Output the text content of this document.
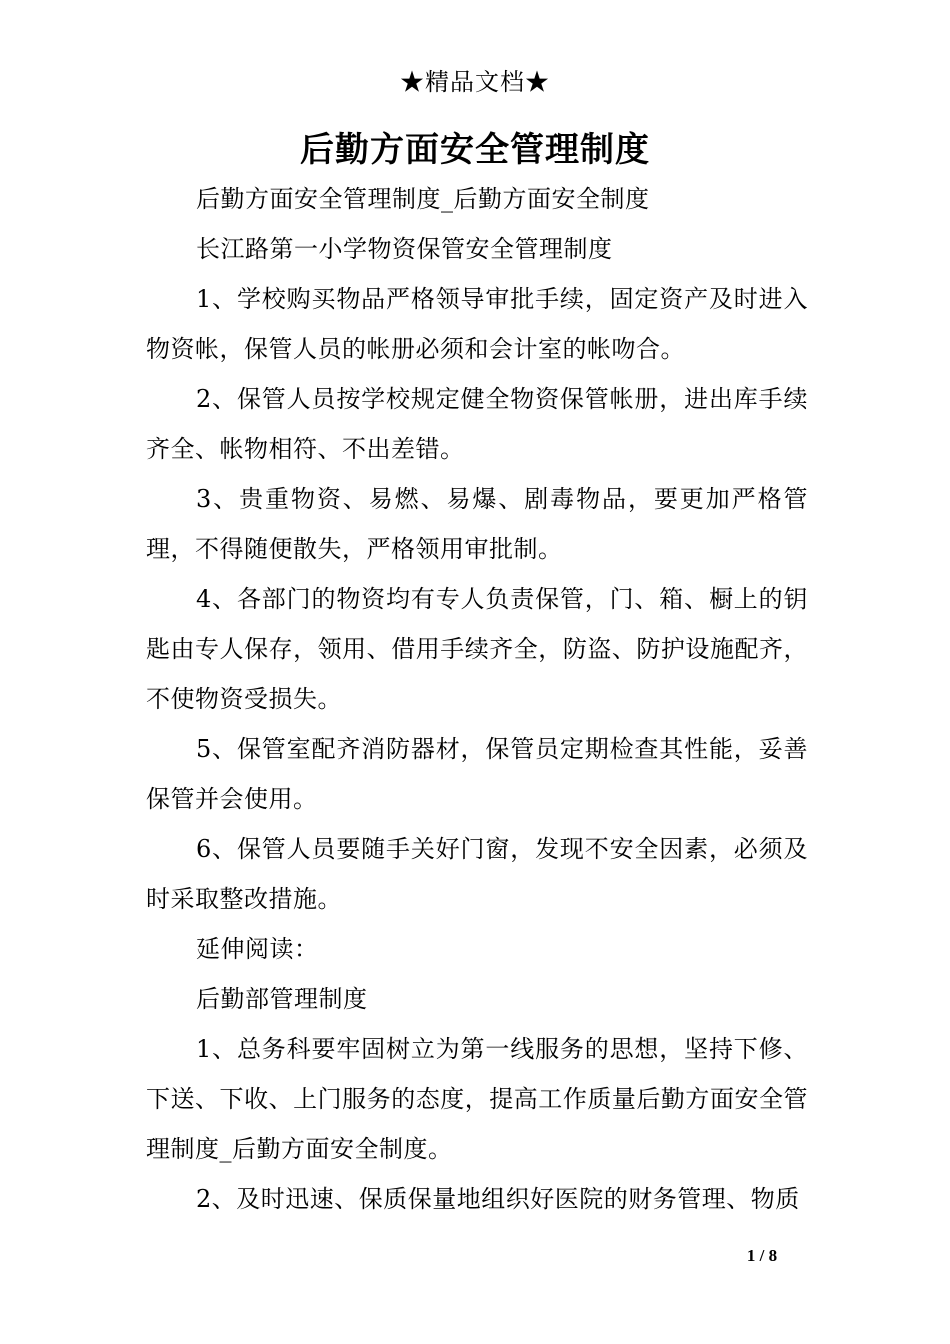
★精品文档★
后勤方面安全管理制度

后勤方面安全管理制度_后勤方面安全制度

长江路第一小学物资保管安全管理制度

1、学校购买物品严格领导审批手续，固定资产及时进入物资帐，保管人员的帐册必须和会计室的帐吻合。

2、保管人员按学校规定健全物资保管帐册，进出库手续齐全、帐物相符、不出差错。

3、贵重物资、易燃、易爆、剧毒物品，要更加严格管理，不得随便散失，严格领用审批制。

4、各部门的物资均有专人负责保管，门、箱、橱上的钥匙由专人保存，领用、借用手续齐全，防盗、防护设施配齐，不使物资受损失。

5、保管室配齐消防器材，保管员定期检查其性能，妥善保管并会使用。

6、保管人员要随手关好门窗，发现不安全因素，必须及时采取整改措施。

延伸阅读：

后勤部管理制度

1、总务科要牢固树立为第一线服务的思想，坚持下修、下送、下收、上门服务的态度，提高工作质量后勤方面安全管理制度_后勤方面安全制度。

2、及时迅速、保质保量地组织好医院的财务管理、物质

1 / 8
